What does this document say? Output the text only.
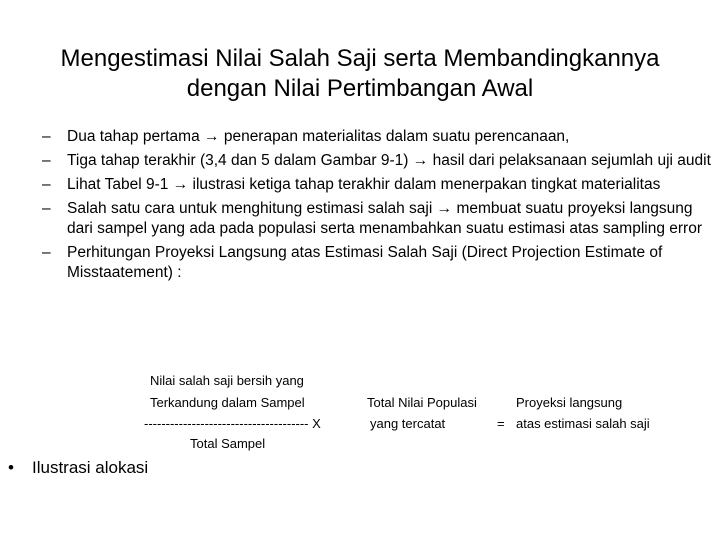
Mengestimasi Nilai Salah Saji serta Membandingkannya
dengan Nilai Pertimbangan Awal
–	Dua tahap pertama → penerapan materialitas dalam suatu perencanaan,
–	Tiga tahap terakhir (3,4 dan 5 dalam Gambar 9-1) → hasil dari pelaksanaan sejumlah uji audit
–	Lihat Tabel 9-1 → ilustrasi ketiga tahap terakhir dalam menerpakan tingkat materialitas
–	Salah satu cara untuk menghitung estimasi salah saji → membuat suatu proyeksi langsung dari sampel yang ada pada populasi serta menambahkan suatu estimasi atas sampling error
–	Perhitungan Proyeksi Langsung atas Estimasi Salah Saji (Direct Projection Estimate of Misstaatement) :
Nilai salah saji bersih yang
Terkandung dalam Sampel
-------------------------------------- X
Total Sampel
Total Nilai Populasi
yang tercatat	=
Proyeksi langsung
atas estimasi salah saji
• Ilustrasi alokasi
